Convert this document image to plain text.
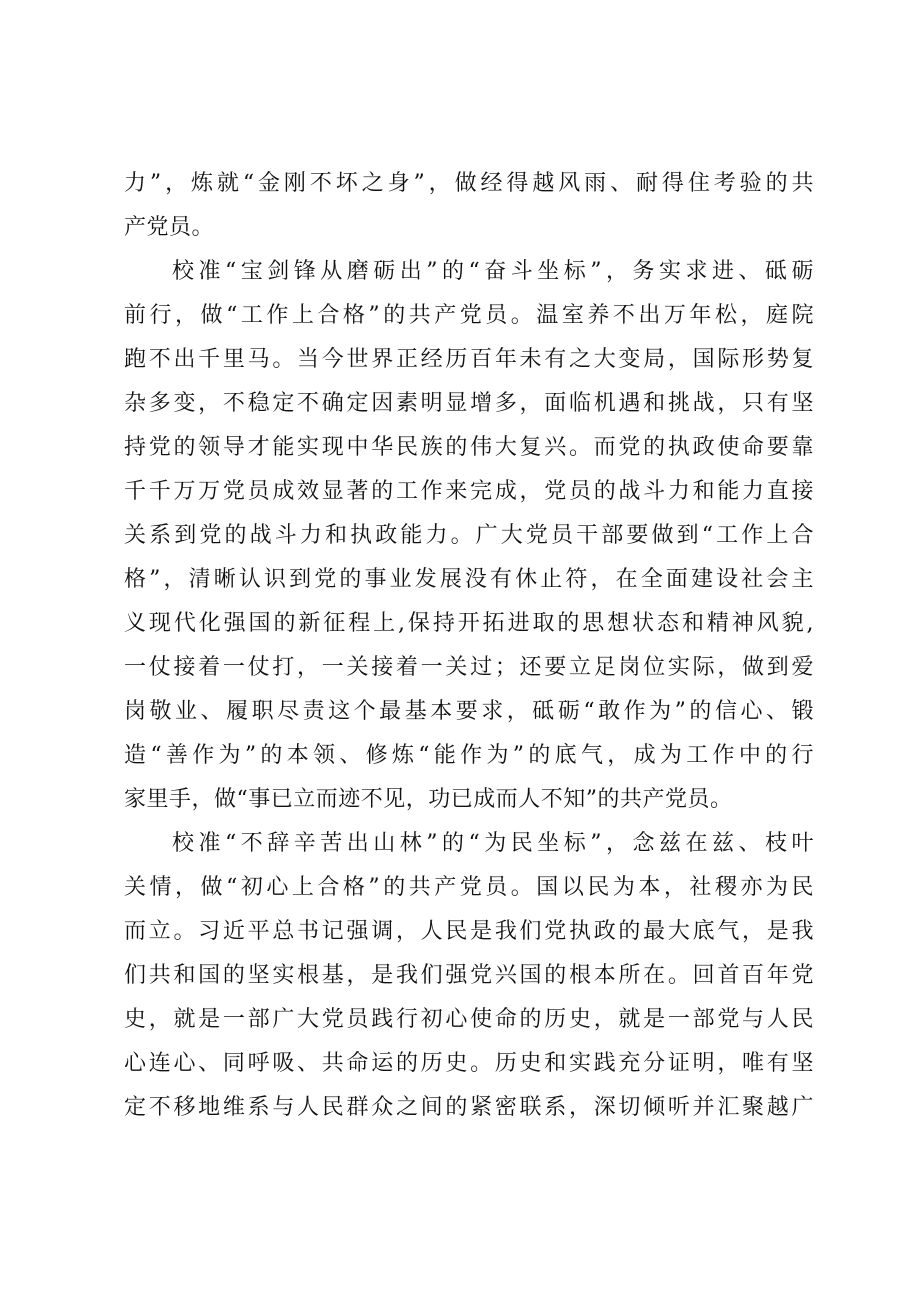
力”，炼就“金刚不坏之身”，做经得越风雨、耐得住考验的共
产党员。
校准“宝剑锋从磨砺出”的“奋斗坐标”，务实求进、砥砺
前行，做“工作上合格”的共产党员。温室养不出万年松，庭院
跑不出千里马。当今世界正经历百年未有之大变局，国际形势复
杂多变，不稳定不确定因素明显增多，面临机遇和挑战，只有坚
持党的领导才能实现中华民族的伟大复兴。而党的执政使命要靠
千千万万党员成效显著的工作来完成，党员的战斗力和能力直接
关系到党的战斗力和执政能力。广大党员干部要做到“工作上合
格”，清晰认识到党的事业发展没有休止符，在全面建设社会主
义现代化强国的新征程上,保持开拓进取的思想状态和精神风貌,
一仗接着一仗打，一关接着一关过；还要立足岗位实际，做到爱
岗敬业、履职尽责这个最基本要求，砥砺“敢作为”的信心、锻
造“善作为”的本领、修炼“能作为”的底气，成为工作中的行
家里手，做“事已立而迹不见，功已成而人不知”的共产党员。
校准“不辞辛苦出山林”的“为民坐标”，念兹在兹、枝叶
关情，做“初心上合格”的共产党员。国以民为本，社稷亦为民
而立。习近平总书记强调，人民是我们党执政的最大底气，是我
们共和国的坚实根基，是我们强党兴国的根本所在。回首百年党
史，就是一部广大党员践行初心使命的历史，就是一部党与人民
心连心、同呼吸、共命运的历史。历史和实践充分证明，唯有坚
定不移地维系与人民群众之间的紧密联系，深切倾听并汇聚越广
